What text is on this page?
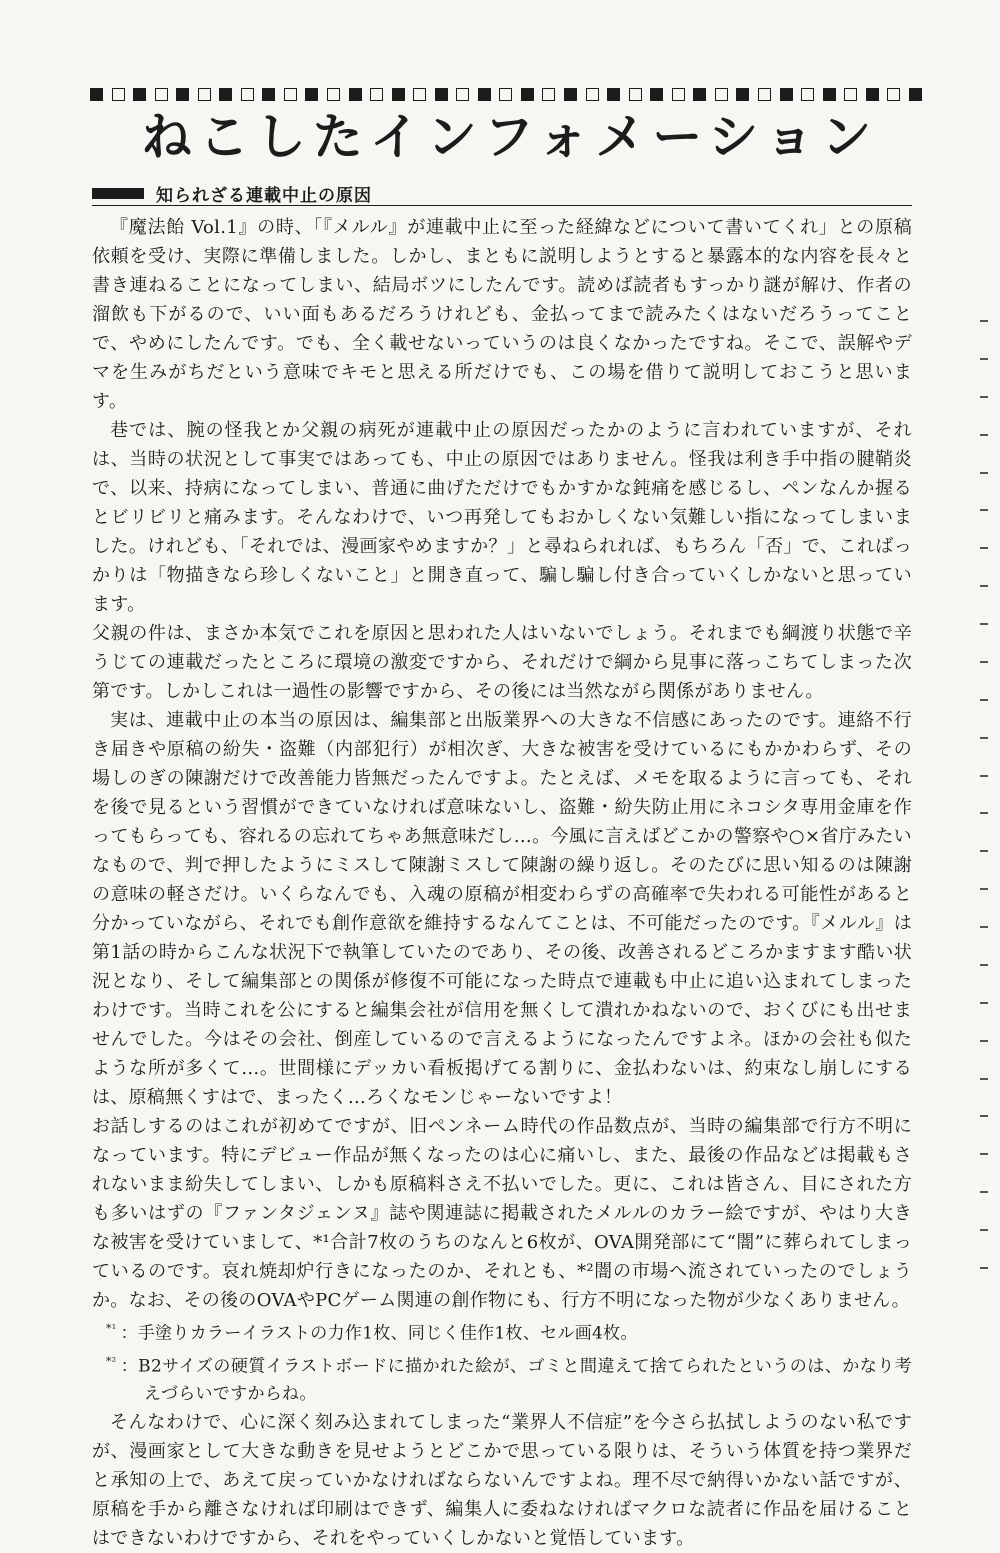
ねこしたインフォメーション
知られざる連載中止の原因

『魔法飴 Vol.1』の時、「『メルル』が連載中止に至った経緯などについて書いてくれ」との原稿依頼を受け、実際に準備しました。しかし、まともに説明しようとすると暴露本的な内容を長々と書き連ねることになってしまい、結局ボツにしたんです。読めば読者もすっかり謎が解け、作者の溜飲も下がるので、いい面もあるだろうけれども、金払ってまで読みたくはないだろうってことで、やめにしたんです。でも、全く載せないっていうのは良くなかったですね。そこで、誤解やデマを生みがちだという意味でキモと思える所だけでも、この場を借りて説明しておこうと思います。

巷では、腕の怪我とか父親の病死が連載中止の原因だったかのように言われていますが、それは、当時の状況として事実ではあっても、中止の原因ではありません。怪我は利き手中指の腱鞘炎で、以来、持病になってしまい、普通に曲げただけでもかすかな鈍痛を感じるし、ペンなんか握るとビリビリと痛みます。そんなわけで、いつ再発してもおかしくない気難しい指になってしまいました。けれども、「それでは、漫画家やめますか？」と尋ねられれば、もちろん「否」で、こればっかりは「物描きなら珍しくないこと」と開き直って、騙し騙し付き合っていくしかないと思っています。

父親の件は、まさか本気でこれを原因と思われた人はいないでしょう。それまでも綱渡り状態で辛うじての連載だったところに環境の激変ですから、それだけで綱から見事に落っこちてしまった次第です。しかしこれは一過性の影響ですから、その後には当然ながら関係がありません。

実は、連載中止の本当の原因は、編集部と出版業界への大きな不信感にあったのです。連絡不行き届きや原稿の紛失・盗難（内部犯行）が相次ぎ、大きな被害を受けているにもかかわらず、その場しのぎの陳謝だけで改善能力皆無だったんですよ。たとえば、メモを取るように言っても、それを後で見るという習慣ができていなければ意味ないし、盗難・紛失防止用にネコシタ専用金庫を作ってもらっても、容れるの忘れてちゃあ無意味だし…。今風に言えばどこかの警察や○×省庁みたいなもので、判で押したようにミスして陳謝ミスして陳謝の繰り返し。そのたびに思い知るのは陳謝の意味の軽さだけ。いくらなんでも、入魂の原稿が相変わらずの高確率で失われる可能性があると分かっていながら、それでも創作意欲を維持するなんてことは、不可能だったのです。『メルル』は第1話の時からこんな状況下で執筆していたのであり、その後、改善されるどころかますます酷い状況となり、そして編集部との関係が修復不可能になった時点で連載も中止に追い込まれてしまったわけです。当時これを公にすると編集会社が信用を無くして潰れかねないので、おくびにも出せませんでした。今はその会社、倒産しているので言えるようになったんですよネ。ほかの会社も似たような所が多くて…。世間様にデッカい看板掲げてる割りに、金払わないは、約束なし崩しにするは、原稿無くすはで、まったく…ろくなモンじゃーないですよ！

お話しするのはこれが初めてですが、旧ペンネーム時代の作品数点が、当時の編集部で行方不明になっています。特にデビュー作品が無くなったのは心に痛いし、また、最後の作品などは掲載もされないまま紛失してしまい、しかも原稿料さえ不払いでした。更に、これは皆さん、目にされた方も多いはずの『ファンタジェンヌ』誌や関連誌に掲載されたメルルのカラー絵ですが、やはり大きな被害を受けていまして、*¹合計7枚のうちのなんと6枚が、OVA開発部にて“闇”に葬られてしまっているのです。哀れ焼却炉行きになったのか、それとも、*²闇の市場へ流されていったのでしょうか。なお、その後のOVAやPCゲーム関連の創作物にも、行方不明になった物が少なくありません。

$^{*^1}$ ：手塗りカラーイラストの力作1枚、同じく佳作1枚、セル画4枚。

$^{*^2}$ ：B2サイズの硬質イラストボードに描かれた絵が、ゴミと間違えて捨てられたというのは、かなり考えづらいですからね。

そんなわけで、心に深く刻み込まれてしまった“業界人不信症”を今さら払拭しようのない私ですが、漫画家として大きな動きを見せようとどこかで思っている限りは、そういう体質を持つ業界だと承知の上で、あえて戻っていかなければならないんですよね。理不尽で納得いかない話ですが、原稿を手から離さなければ印刷はできず、編集人に委ねなければマクロな読者に作品を届けることはできないわけですから、それをやっていくしかないと覚悟しています。
